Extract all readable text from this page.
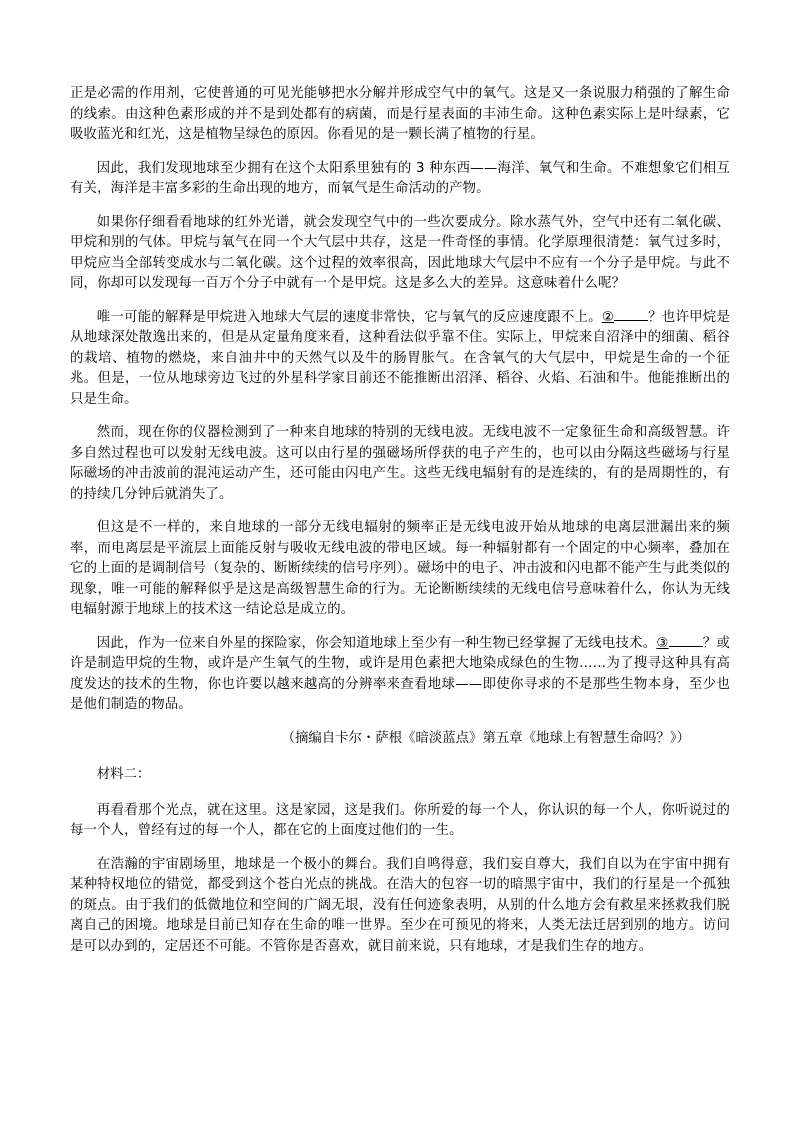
正是必需的作用剂，它使普通的可见光能够把水分解并形成空气中的氧气。这是又一条说服力稍强的了解生命的线索。由这种色素形成的并不是到处都有的病菌，而是行星表面的丰沛生命。这种色素实际上是叶绿素，它吸收蓝光和红光，这是植物呈绿色的原因。你看见的是一颗长满了植物的行星。

因此，我们发现地球至少拥有在这个太阳系里独有的 3 种东西——海洋、氧气和生命。不难想象它们相互有关，海洋是丰富多彩的生命出现的地方，而氧气是生命活动的产物。

如果你仔细看看地球的红外光谱，就会发现空气中的一些次要成分。除水蒸气外，空气中还有二氧化碳、甲烷和别的气体。甲烷与氧气在同一个大气层中共存，这是一件奇怪的事情。化学原理很清楚：氧气过多时，甲烷应当全部转变成水与二氧化碳。这个过程的效率很高，因此地球大气层中不应有一个分子是甲烷。与此不同，你却可以发现每一百万个分子中就有一个是甲烷。这是多么大的差异。这意味着什么呢？

唯一可能的解释是甲烷进入地球大气层的速度非常快，它与氧气的反应速度跟不上。②	？也许甲烷是从地球深处散逸出来的，但是从定量角度来看，这种看法似乎靠不住。实际上，甲烷来自沼泽中的细菌、稻谷的栽培、植物的燃烧，来自油井中的天然气以及牛的肠胃胀气。在含氧气的大气层中，甲烷是生命的一个征兆。但是，一位从地球旁边飞过的外星科学家目前还不能推断出沼泽、稻谷、火焰、石油和牛。他能推断出的只是生命。

然而，现在你的仪器检测到了一种来自地球的特别的无线电波。无线电波不一定象征生命和高级智慧。许多自然过程也可以发射无线电波。这可以由行星的强磁场所俘获的电子产生的，也可以由分隔这些磁场与行星际磁场的冲击波前的混沌运动产生，还可能由闪电产生。这些无线电辐射有的是连续的，有的是周期性的，有的持续几分钟后就消失了。

但这是不一样的，来自地球的一部分无线电辐射的频率正是无线电波开始从地球的电离层泄漏出来的频率，而电离层是平流层上面能反射与吸收无线电波的带电区域。每一种辐射都有一个固定的中心频率，叠加在它的上面的是调制信号（复杂的、断断续续的信号序列）。磁场中的电子、冲击波和闪电都不能产生与此类似的现象，唯一可能的解释似乎是这是高级智慧生命的行为。无论断断续续的无线电信号意味着什么，你认为无线电辐射源于地球上的技术这一结论总是成立的。

因此，作为一位来自外星的探险家，你会知道地球上至少有一种生物已经掌握了无线电技术。③	？或许是制造甲烷的生物，或许是产生氧气的生物，或许是用色素把大地染成绿色的生物……为了搜寻这种具有高度发达的技术的生物，你也许要以越来越高的分辨率来查看地球——即使你寻求的不是那些生物本身，至少也是他们制造的物品。

（摘编自卡尔・萨根《暗淡蓝点》第五章《地球上有智慧生命吗？》）

材料二：

再看看那个光点，就在这里。这是家园，这是我们。你所爱的每一个人，你认识的每一个人，你听说过的每一个人，曾经有过的每一个人，都在它的上面度过他们的一生。

在浩瀚的宇宙剧场里，地球是一个极小的舞台。我们自鸣得意，我们妄自尊大，我们自以为在宇宙中拥有某种特权地位的错觉，都受到这个苍白光点的挑战。在浩大的包容一切的暗黑宇宙中，我们的行星是一个孤独的斑点。由于我们的低微地位和空间的广阔无垠，没有任何迹象表明，从别的什么地方会有救星来拯救我们脱离自己的困境。地球是目前已知存在生命的唯一世界。至少在可预见的将来，人类无法迁居到别的地方。访问是可以办到的，定居还不可能。不管你是否喜欢，就目前来说，只有地球，才是我们生存的地方。
